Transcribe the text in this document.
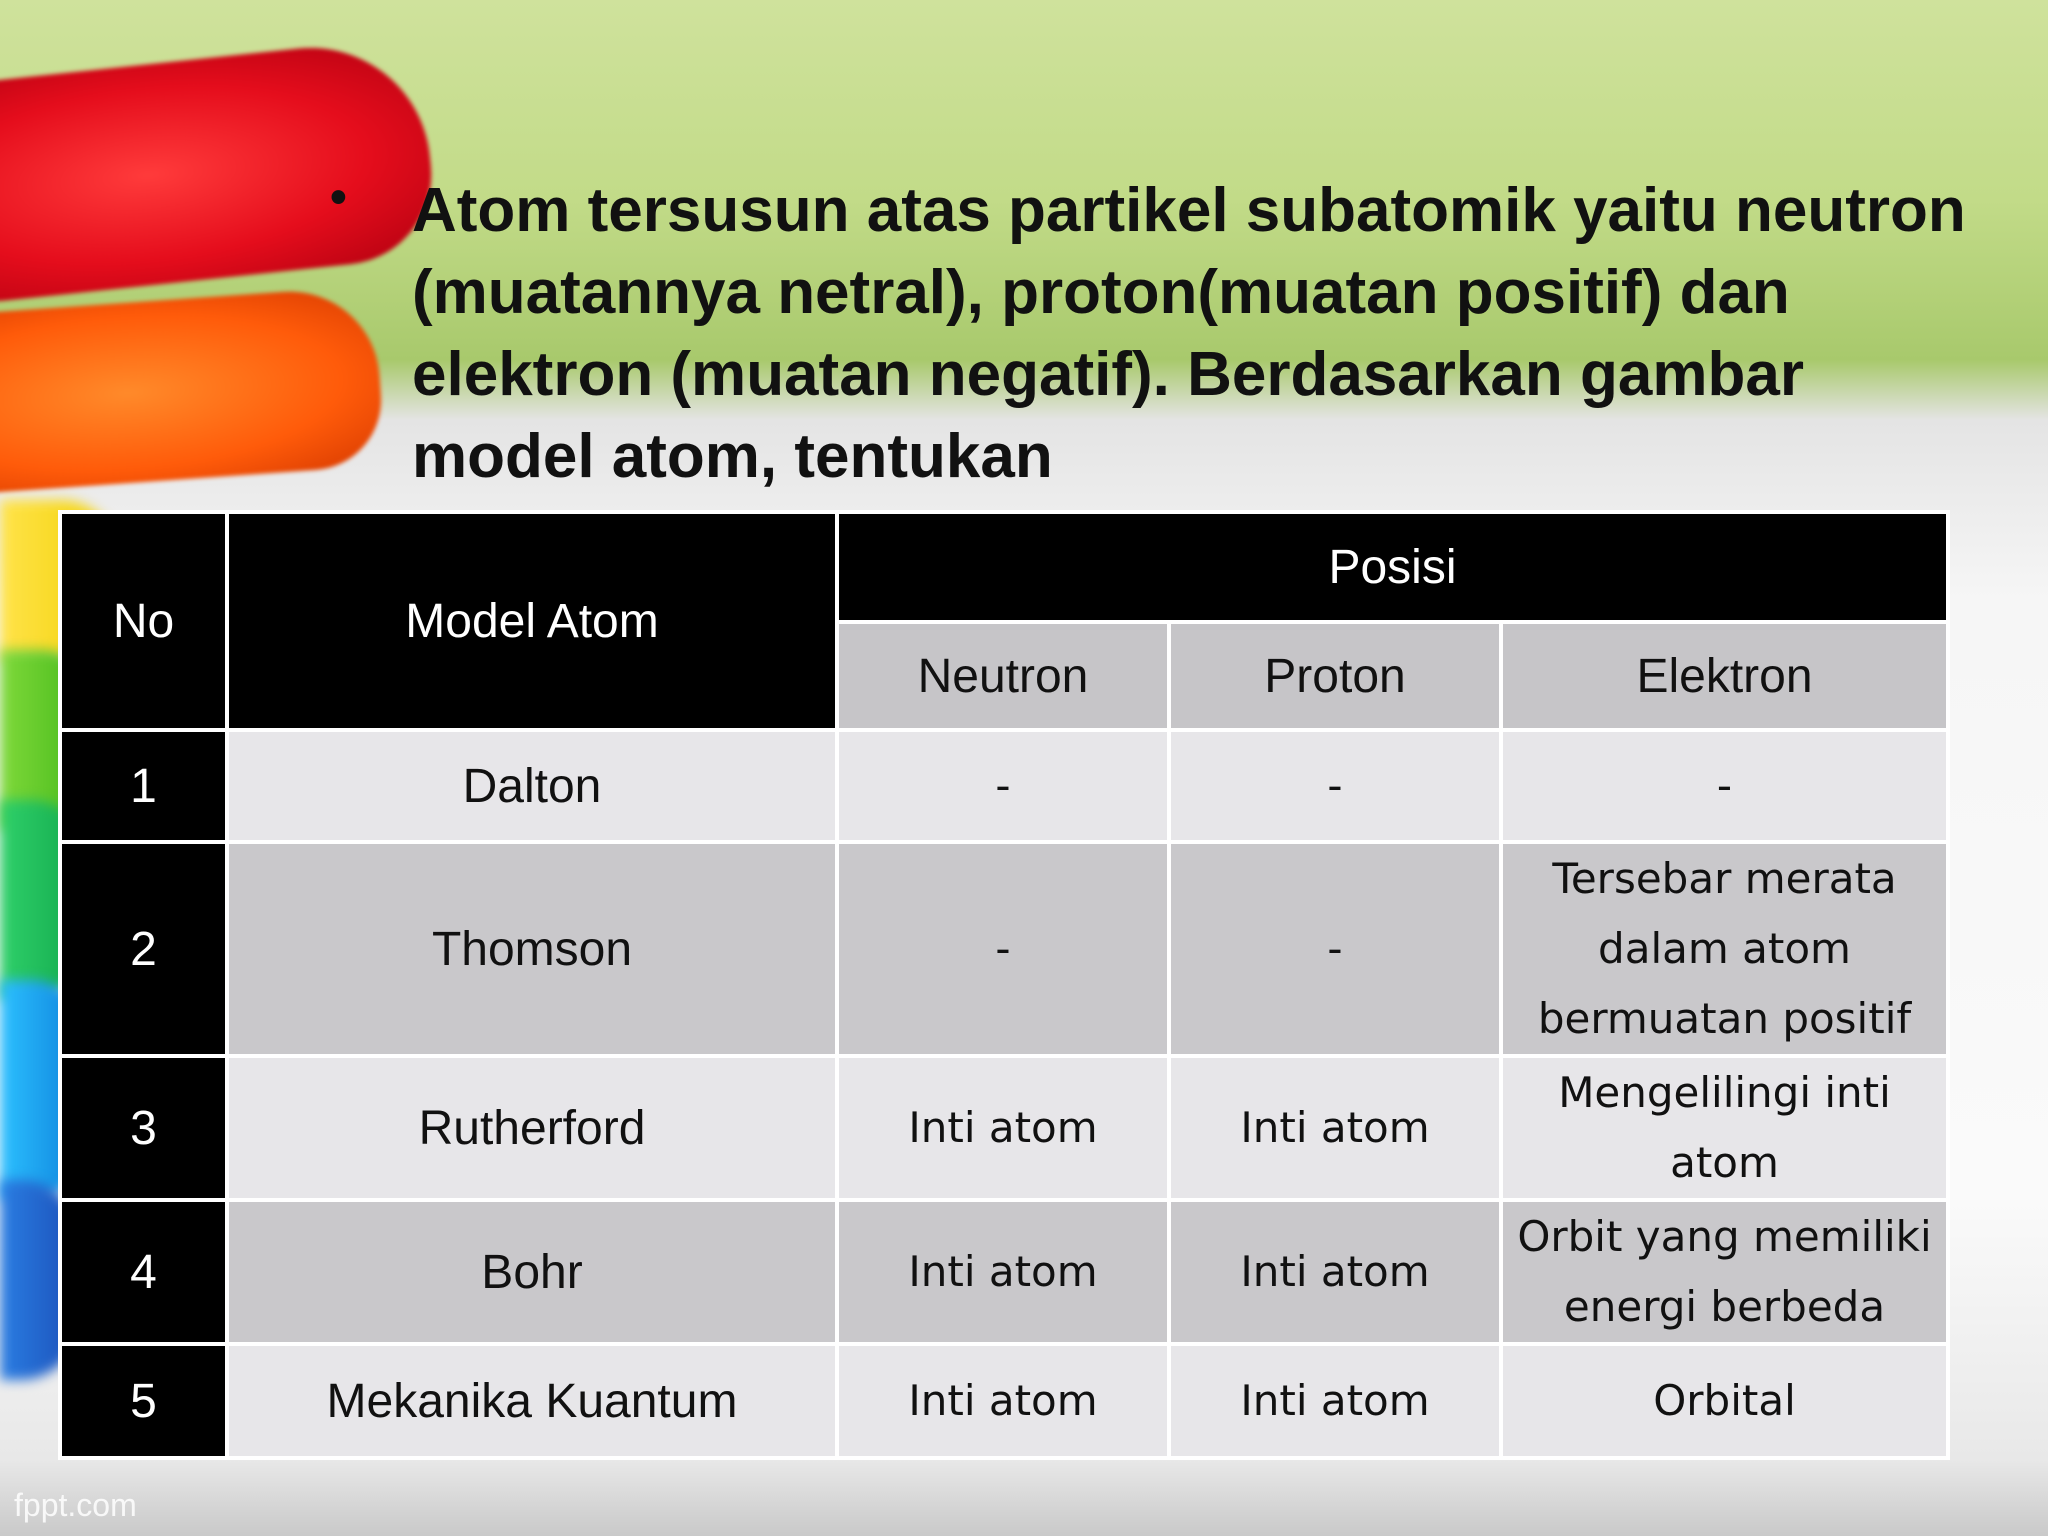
• Atom tersusun atas partikel subatomik yaitu neutron (muatannya netral), proton(muatan positif) dan elektron (muatan negatif). Berdasarkan gambar model atom, tentukan

No	Model Atom	Posisi		
		Neutron	Proton	Elektron
1	Dalton	-	-	-
2	Thomson	-	-	Tersebar merata dalam atom bermuatan positif
3	Rutherford	Inti atom	Inti atom	Mengelilingi inti atom
4	Bohr	Inti atom	Inti atom	Orbit yang memiliki energi berbeda
5	Mekanika Kuantum	Inti atom	Inti atom	Orbital
fppt.com
